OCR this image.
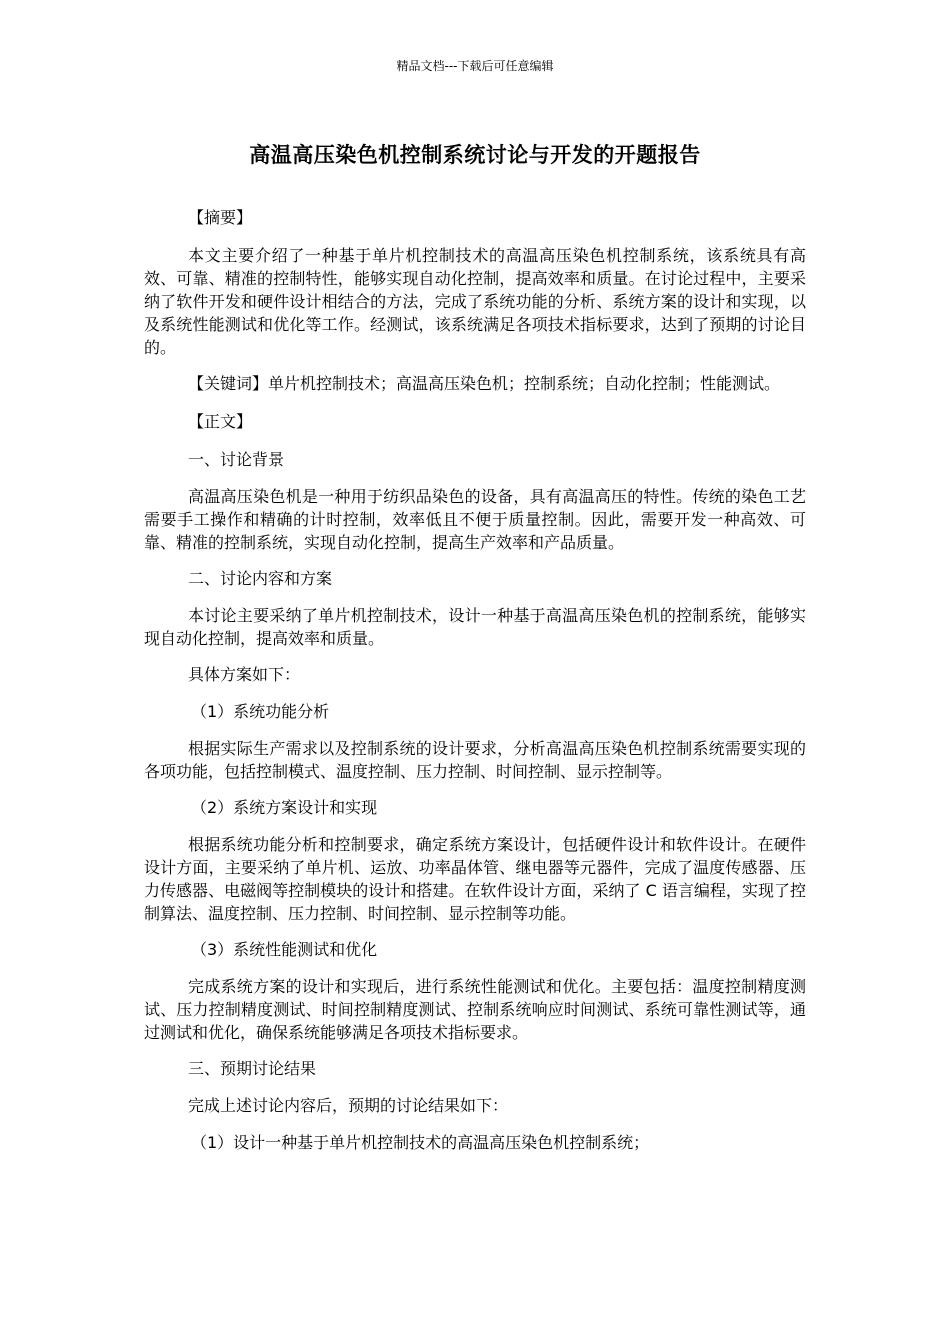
精品文档---下载后可任意编辑
高温高压染色机控制系统讨论与开发的开题报告

【摘要】

本文主要介绍了一种基于单片机控制技术的高温高压染色机控制系统，该系统具有高效、可靠、精准的控制特性，能够实现自动化控制，提高效率和质量。在讨论过程中，主要采纳了软件开发和硬件设计相结合的方法，完成了系统功能的分析、系统方案的设计和实现，以及系统性能测试和优化等工作。经测试，该系统满足各项技术指标要求，达到了预期的讨论目的。

【关键词】单片机控制技术；高温高压染色机；控制系统；自动化控制；性能测试。

【正文】

一、讨论背景

高温高压染色机是一种用于纺织品染色的设备，具有高温高压的特性。传统的染色工艺需要手工操作和精确的计时控制，效率低且不便于质量控制。因此，需要开发一种高效、可靠、精准的控制系统，实现自动化控制，提高生产效率和产品质量。

二、讨论内容和方案

本讨论主要采纳了单片机控制技术，设计一种基于高温高压染色机的控制系统，能够实现自动化控制，提高效率和质量。

具体方案如下：

（1）系统功能分析

根据实际生产需求以及控制系统的设计要求，分析高温高压染色机控制系统需要实现的各项功能，包括控制模式、温度控制、压力控制、时间控制、显示控制等。

（2）系统方案设计和实现

根据系统功能分析和控制要求，确定系统方案设计，包括硬件设计和软件设计。在硬件设计方面，主要采纳了单片机、运放、功率晶体管、继电器等元器件，完成了温度传感器、压力传感器、电磁阀等控制模块的设计和搭建。在软件设计方面，采纳了 C 语言编程，实现了控制算法、温度控制、压力控制、时间控制、显示控制等功能。

（3）系统性能测试和优化

完成系统方案的设计和实现后，进行系统性能测试和优化。主要包括：温度控制精度测试、压力控制精度测试、时间控制精度测试、控制系统响应时间测试、系统可靠性测试等，通过测试和优化，确保系统能够满足各项技术指标要求。

三、预期讨论结果

完成上述讨论内容后，预期的讨论结果如下：

（1）设计一种基于单片机控制技术的高温高压染色机控制系统；
